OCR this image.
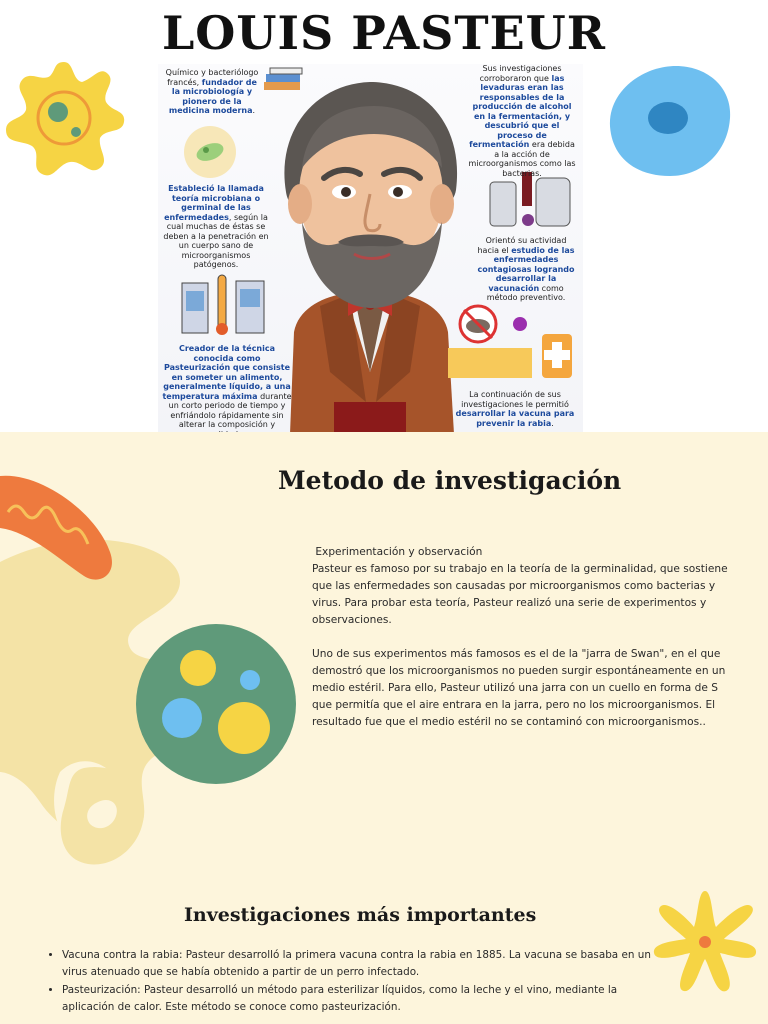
LOUIS PASTEUR
Químico y bacteriólogo francés, fundador de la microbiología y pionero de la medicina moderna.
Sus investigaciones corroboraron que las levaduras eran las responsables de la producción de alcohol en la fermentación, y descubrió que el proceso de fermentación era debida a la acción de microorganismos como las bacterias.
Estableció la llamada teoría microbiana o germinal de las enfermedades, según la cual muchas de éstas se deben a la penetración en un cuerpo sano de microorganismos patógenos.
Orientó su actividad hacia el estudio de las enfermedades contagiosas logrando desarrollar la vacunación como método preventivo.
Creador de la técnica conocida como Pasteurización que consiste en someter un alimento, generalmente líquido, a una temperatura máxima durante un corto periodo de tiempo y enfriándolo rápidamente sin alterar la composición y
La continuación de sus investigaciones le permitió desarrollar la vacuna para prevenir la rabia.
Metodo de investigación

Experimentación y observación

Pasteur es famoso por su trabajo en la teoría de la germinalidad, que sostiene que las enfermedades son causadas por microorganismos como bacterias y virus. Para probar esta teoría, Pasteur realizó una serie de experimentos y observaciones.

Uno de sus experimentos más famosos es el de la "jarra de Swan", en el que demostró que los microorganismos no pueden surgir espontáneamente en un medio estéril. Para ello, Pasteur utilizó una jarra con un cuello en forma de S que permitía que el aire entrara en la jarra, pero no los microorganismos. El resultado fue que el medio estéril no se contaminó con microorganismos..

Investigaciones más importantes
• Vacuna contra la rabia: Pasteur desarrolló la primera vacuna contra la rabia en 1885. La vacuna se basaba en un virus atenuado que se había obtenido a partir de un perro infectado.
• Pasteurización: Pasteur desarrolló un método para esterilizar líquidos, como la leche y el vino, mediante la aplicación de calor. Este método se conoce como pasteurización.
